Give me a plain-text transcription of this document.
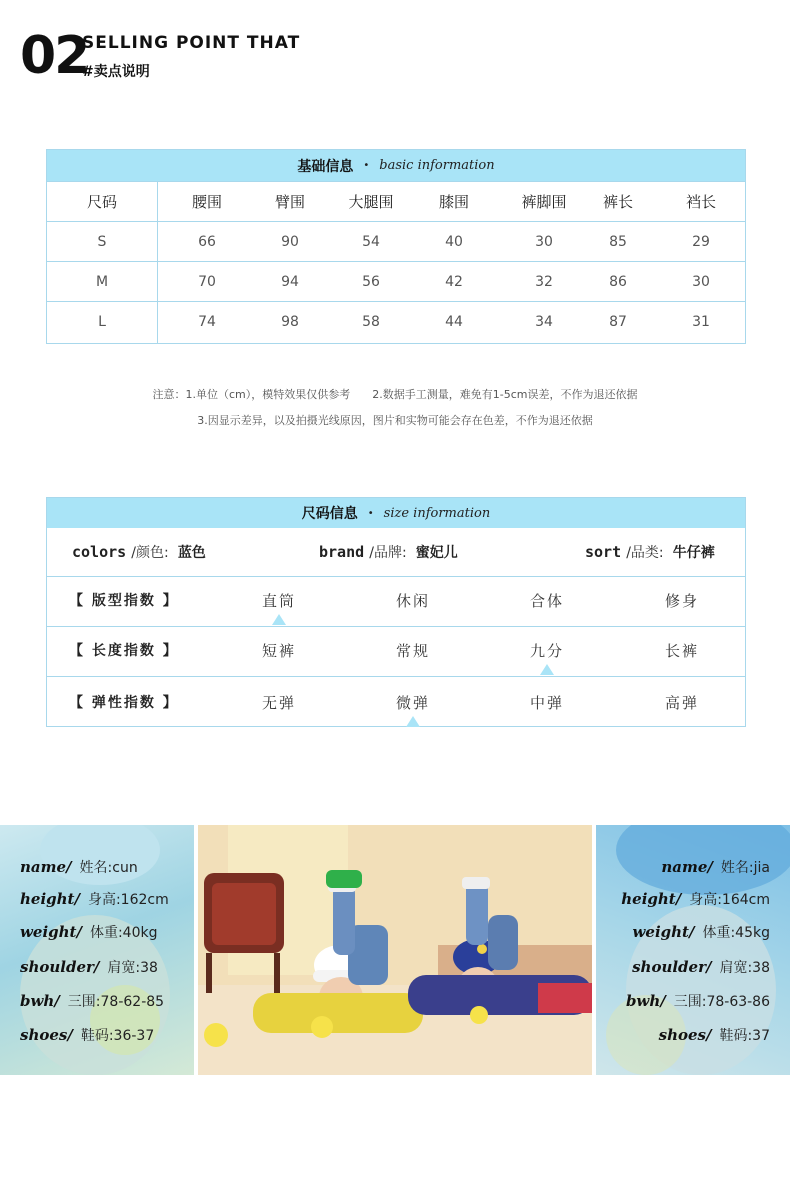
02
SELLING POINT THAT
#卖点说明
基础信息 • basic information
尺码	腰围	臂围	大腿围	膝围	裤脚围 裤长	裆长
S	66	90	54	40	30	85	29
M	70	94	56	42	32	86	30
L	74	98	58	44	34	87	31
注意：1.单位（cm），模特效果仅供参考　　2.数据手工测量，难免有1-5cm误差，不作为退还依据
3.因显示差异，以及拍摄光线原因，图片和实物可能会存在色差，不作为退还依据
尺码信息 • size information
colors /颜色: 蓝色	brand /品牌: 蜜妃儿	sort /品类: 牛仔裤
【 版型指数 】	直筒	休闲	合体	修身
【 长度指数 】	短裤	常规	九分	长裤
【 弹性指数 】	无弹	微弹	中弹	高弹
name/ 姓名:cun
height/ 身高:162cm
weight/ 体重:40kg
shoulder/ 肩宽:38
bwh/ 三围:78-62-85
shoes/ 鞋码:36-37
name/ 姓名:jia
height/ 身高:164cm
weight/ 体重:45kg
shoulder/ 肩宽:38
bwh/ 三围:78-63-86
shoes/ 鞋码:37
